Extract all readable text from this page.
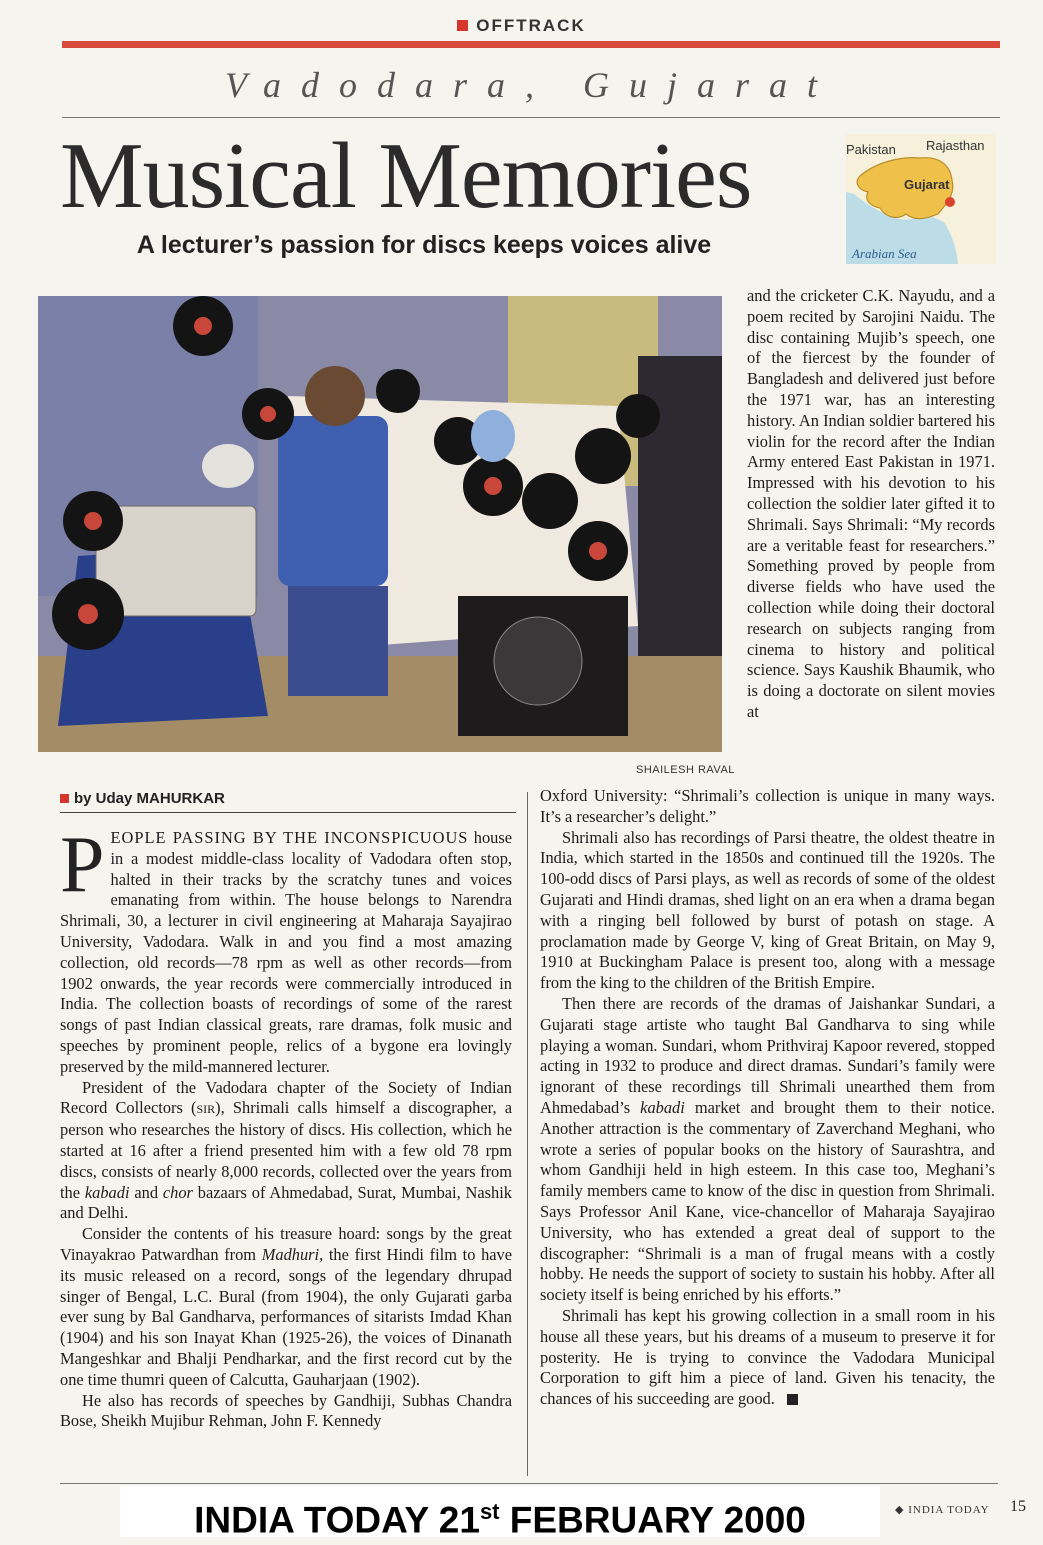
OFFTRACK
Vadodara, Gujarat
Musical Memories
A lecturer’s passion for discs keeps voices alive
Pakistan Rajasthan
Gujarat
Arabian Sea
SHAILESH RAVAL

and the cricketer C.K. Nayudu, and a poem recited by Sarojini Naidu. The disc containing Mujib’s speech, one of the fiercest by the founder of Bangladesh and delivered just before the 1971 war, has an interesting history. An Indian soldier bartered his violin for the record after the Indian Army entered East Pakistan in 1971. Impressed with his devotion to his collection the soldier later gifted it to Shrimali. Says Shrimali: “My records are a veritable feast for researchers.” Something proved by people from diverse fields who have used the collection while doing their doctoral research on subjects ranging from cinema to history and political science. Says Kaushik Bhaumik, who is doing a doctorate on silent movies at

by Uday MAHURKAR

PEOPLE PASSING BY THE INCONSPICUOUS house in a modest middle-class locality of Vadodara often stop, halted in their tracks by the scratchy tunes and voices emanating from within. The house belongs to Narendra Shrimali, 30, a lecturer in civil engineering at Maharaja Sayajirao University, Vadodara. Walk in and you find a most amazing collection, old records—78 rpm as well as other records—from 1902 onwards, the year records were commercially introduced in India. The collection boasts of recordings of some of the rarest songs of past Indian classical greats, rare dramas, folk music and speeches by prominent people, relics of a bygone era lovingly preserved by the mild-mannered lecturer.

President of the Vadodara chapter of the Society of Indian Record Collectors (SIR), Shrimali calls himself a discographer, a person who researches the history of discs. His collection, which he started at 16 after a friend presented him with a few old 78 rpm discs, consists of nearly 8,000 records, collected over the years from the kabadi and chor bazaars of Ahmedabad, Surat, Mumbai, Nashik and Delhi.

Consider the contents of his treasure hoard: songs by the great Vinayakrao Patwardhan from Madhuri, the first Hindi film to have its music released on a record, songs of the legendary dhrupad singer of Bengal, L.C. Bural (from 1904), the only Gujarati garba ever sung by Bal Gandharva, performances of sitarists Imdad Khan (1904) and his son Inayat Khan (1925-26), the voices of Dinanath Mangeshkar and Bhalji Pendharkar, and the first record cut by the one time thumri queen of Calcutta, Gauharjaan (1902).

He also has records of speeches by Gandhiji, Subhas Chandra Bose, Sheikh Mujibur Rehman, John F. Kennedy

Oxford University: “Shrimali’s collection is unique in many ways. It’s a researcher’s delight.”

Shrimali also has recordings of Parsi theatre, the oldest theatre in India, which started in the 1850s and continued till the 1920s. The 100-odd discs of Parsi plays, as well as records of some of the oldest Gujarati and Hindi dramas, shed light on an era when a drama began with a ringing bell followed by burst of potash on stage. A proclamation made by George V, king of Great Britain, on May 9, 1910 at Buckingham Palace is present too, along with a message from the king to the children of the British Empire.

Then there are records of the dramas of Jaishankar Sundari, a Gujarati stage artiste who taught Bal Gandharva to sing while playing a woman. Sundari, whom Prithviraj Kapoor revered, stopped acting in 1932 to produce and direct dramas. Sundari’s family were ignorant of these recordings till Shrimali unearthed them from Ahmedabad’s kabadi market and brought them to their notice. Another attraction is the commentary of Zaverchand Meghani, who wrote a series of popular books on the history of Saurashtra, and whom Gandhiji held in high esteem. In this case too, Meghani’s family members came to know of the disc in question from Shrimali. Says Professor Anil Kane, vice-chancellor of Maharaja Sayajirao University, who has extended a great deal of support to the discographer: “Shrimali is a man of frugal means with a costly hobby. He needs the support of society to sustain his hobby. After all society itself is being enriched by his efforts.”

Shrimali has kept his growing collection in a small room in his house all these years, but his dreams of a museum to preserve it for posterity. He is trying to convince the Vadodara Municipal Corporation to gift him a piece of land. Given his tenacity, the chances of his succeeding are good.

INDIA TODAY 21st FEBRUARY 2000	◆ INDIA TODAY 15
